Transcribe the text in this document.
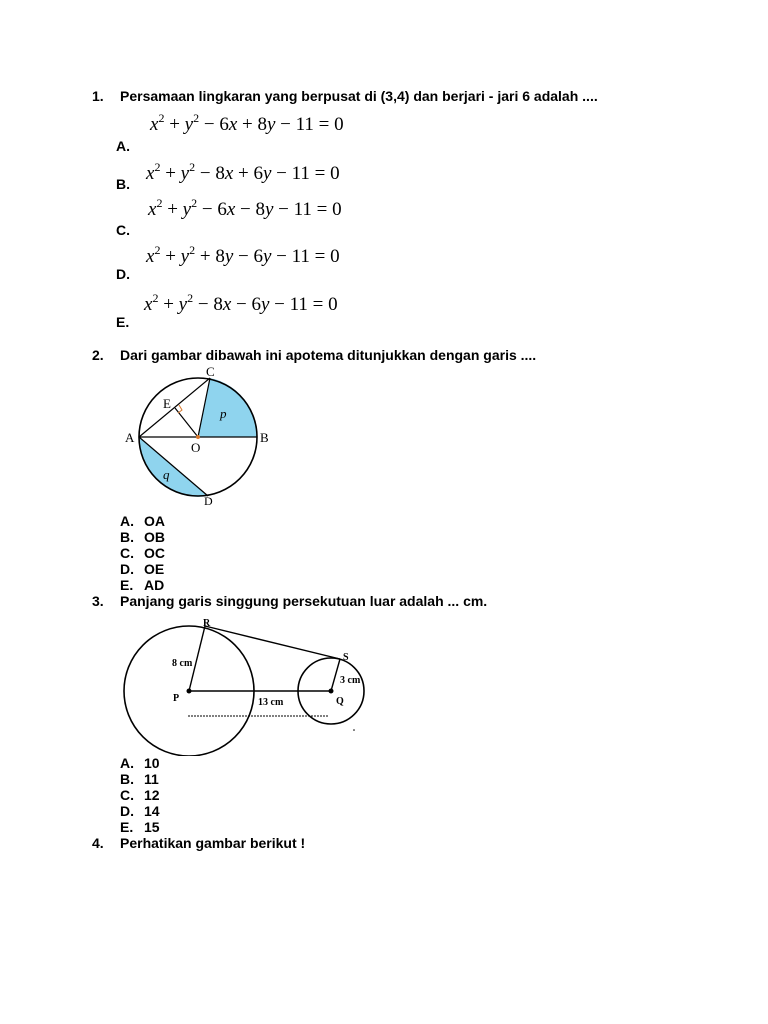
1. Persamaan lingkaran yang berpusat di (3,4) dan berjari - jari 6 adalah ....
$x^2 + y^2 - 6x + 8y - 11 = 0$
A.
$x^2 + y^2 - 8x + 6y - 11 = 0$
B.
$x^2 + y^2 - 6x - 8y - 11 = 0$
C.
$x^2 + y^2 + 8y - 6y - 11 = 0$
D.
$x^2 + y^2 - 8x - 6y - 11 = 0$
E.
2. Dari gambar dibawah ini apotema ditunjukkan dengan garis ....
C
E
p
A
O
B
q
D
A. OA
B. OB
C. OC
D. OE
E. AD
3. Panjang garis singgung persekutuan luar adalah ... cm.
R
S
P	Q
8 cm
3 cm
13 cm
A. 10
B. 11
C. 12
D. 14
E. 15
4. Perhatikan gambar berikut !
